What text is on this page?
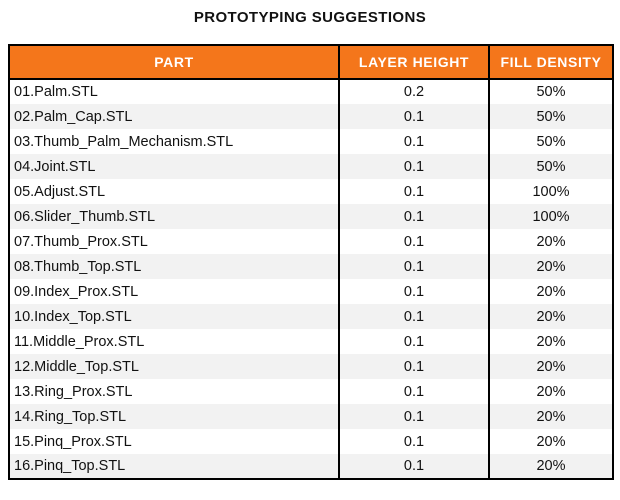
PROTOTYPING SUGGESTIONS
PART	LAYER HEIGHT	FILL DENSITY
01.Palm.STL	0.2	50%
02.Palm_Cap.STL	0.1	50%
03.Thumb_Palm_Mechanism.STL	0.1	50%
04.Joint.STL	0.1	50%
05.Adjust.STL	0.1	100%
06.Slider_Thumb.STL	0.1	100%
07.Thumb_Prox.STL	0.1	20%
08.Thumb_Top.STL	0.1	20%
09.Index_Prox.STL	0.1	20%
10.Index_Top.STL	0.1	20%
11.Middle_Prox.STL	0.1	20%
12.Middle_Top.STL	0.1	20%
13.Ring_Prox.STL	0.1	20%
14.Ring_Top.STL	0.1	20%
15.Pinq_Prox.STL	0.1	20%
16.Pinq_Top.STL	0.1	20%
